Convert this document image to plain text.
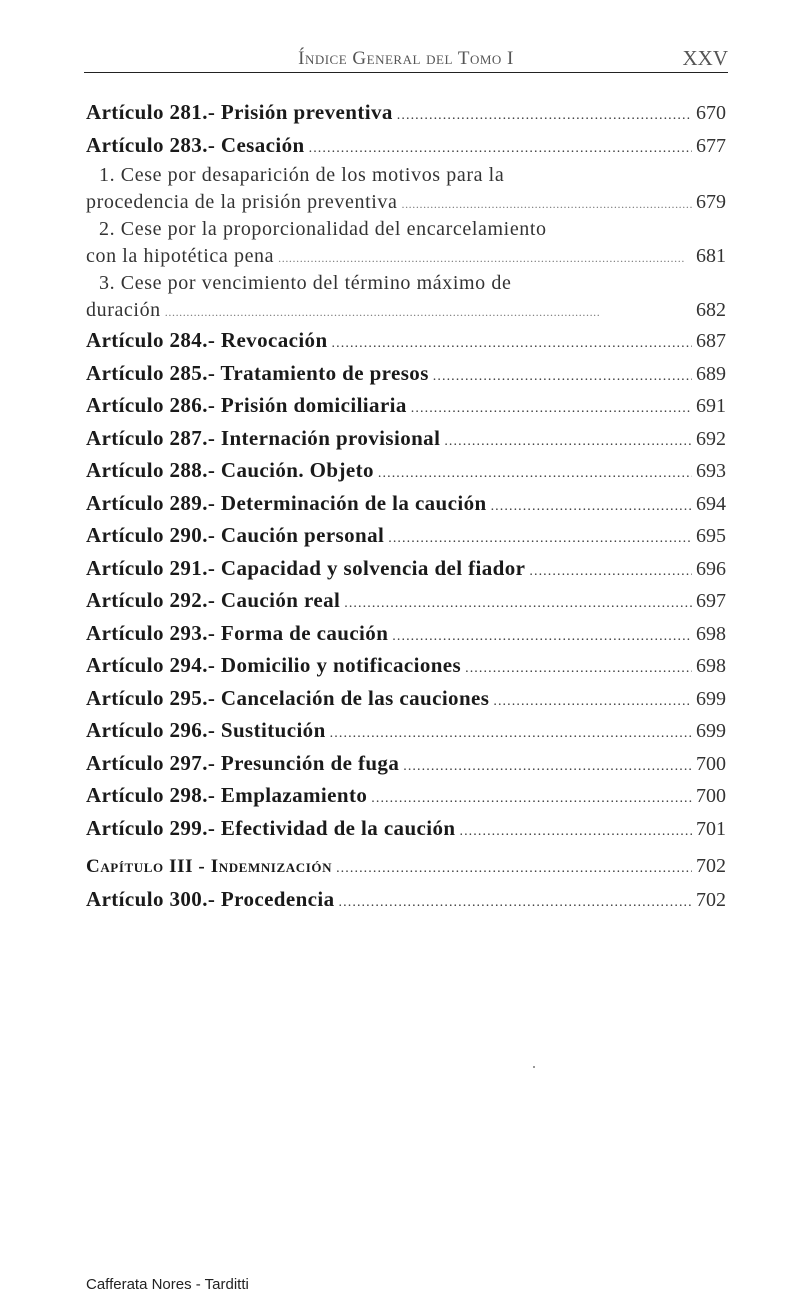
Índice General del Tomo I	XXV
Artículo 281.- Prisión preventiva . . .	670
Artículo 283.- Cesación . . .	677
1. Cese por desaparición de los motivos para la
procedencia de la prisión preventiva . . .	679
2. Cese por la proporcionalidad del encarcelamiento
con la hipotética pena . . .	681
3. Cese por vencimiento del término máximo de
duración . . .	682
Artículo 284.- Revocación . . .	687
Artículo 285.- Tratamiento de presos . . .	689
Artículo 286.- Prisión domiciliaria . . .	691
Artículo 287.- Internación provisional . . .	692
Artículo 288.- Caución. Objeto . . .	693
Artículo 289.- Determinación de la caución . . .	694
Artículo 290.- Caución personal . . .	695
Artículo 291.- Capacidad y solvencia del fiador . . .	696
Artículo 292.- Caución real . . .	697
Artículo 293.- Forma de caución . . .	698
Artículo 294.- Domicilio y notificaciones . . .	698
Artículo 295.- Cancelación de las cauciones . . .	699
Artículo 296.- Sustitución . . .	699
Artículo 297.- Presunción de fuga . . .	700
Artículo 298.- Emplazamiento . . .	700
Artículo 299.- Efectividad de la caución . . .	701
Capítulo III - Indemnización . . .	702
Artículo 300.- Procedencia . . .	702
Cafferata Nores - Tarditti
